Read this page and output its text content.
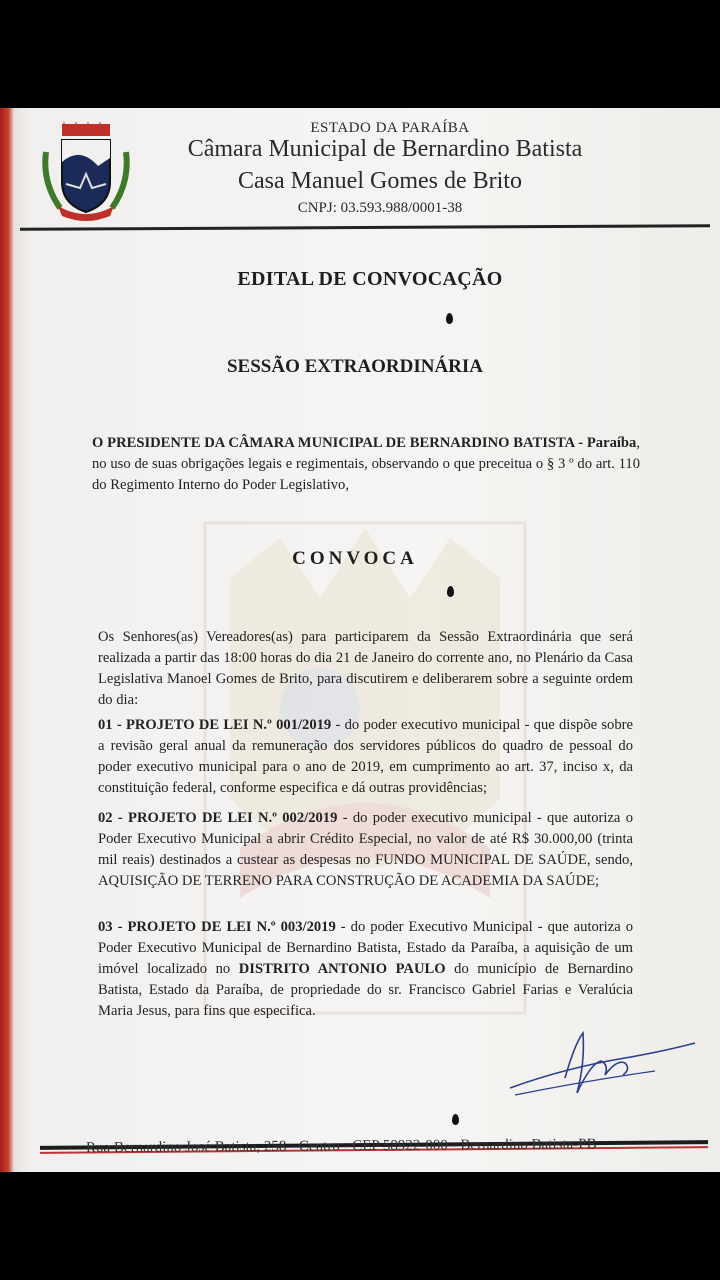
ESTADO DA PARAÍBA
Câmara Municipal de Bernardino Batista
Casa Manuel Gomes de Brito
CNPJ: 03.593.988/0001-38
EDITAL DE CONVOCAÇÃO
SESSÃO EXTRAORDINÁRIA
O PRESIDENTE DA CÂMARA MUNICIPAL DE BERNARDINO BATISTA - Paraíba, no uso de suas obrigações legais e regimentais, observando o que preceitua o § 3 º do art. 110 do Regimento Interno do Poder Legislativo,
CONVOCA
Os Senhores(as) Vereadores(as) para participarem da Sessão Extraordinária que será realizada a partir das 18:00 horas do dia 21 de Janeiro do corrente ano, no Plenário da Casa Legislativa Manoel Gomes de Brito, para discutirem e deliberarem sobre a seguinte ordem do dia:
01 - PROJETO DE LEI N.º 001/2019 - do poder executivo municipal - que dispõe sobre a revisão geral anual da remuneração dos servidores públicos do quadro de pessoal do poder executivo municipal para o ano de 2019, em cumprimento ao art. 37, inciso x, da constituição federal, conforme especifica e dá outras providências;
02 - PROJETO DE LEI N.º 002/2019 - do poder executivo municipal - que autoriza o Poder Executivo Municipal a abrir Crédito Especial, no valor de até R$ 30.000,00 (trinta mil reais) destinados a custear as despesas no FUNDO MUNICIPAL DE SAÚDE, sendo, AQUISIÇÃO DE TERRENO PARA CONSTRUÇÃO DE ACADEMIA DA SAÚDE;
03 - PROJETO DE LEI N.º 003/2019 - do poder Executivo Municipal - que autoriza o Poder Executivo Municipal de Bernardino Batista, Estado da Paraíba, a aquisição de um imóvel localizado no DISTRITO ANTONIO PAULO do município de Bernardino Batista, Estado da Paraíba, de propriedade do sr. Francisco Gabriel Farias e Veralúcia Maria Jesus, para fins que especifica.
Rua Bernardino José Batista, 258 - Centro - CEP 58922-000 - Bernardino Batista-PB
